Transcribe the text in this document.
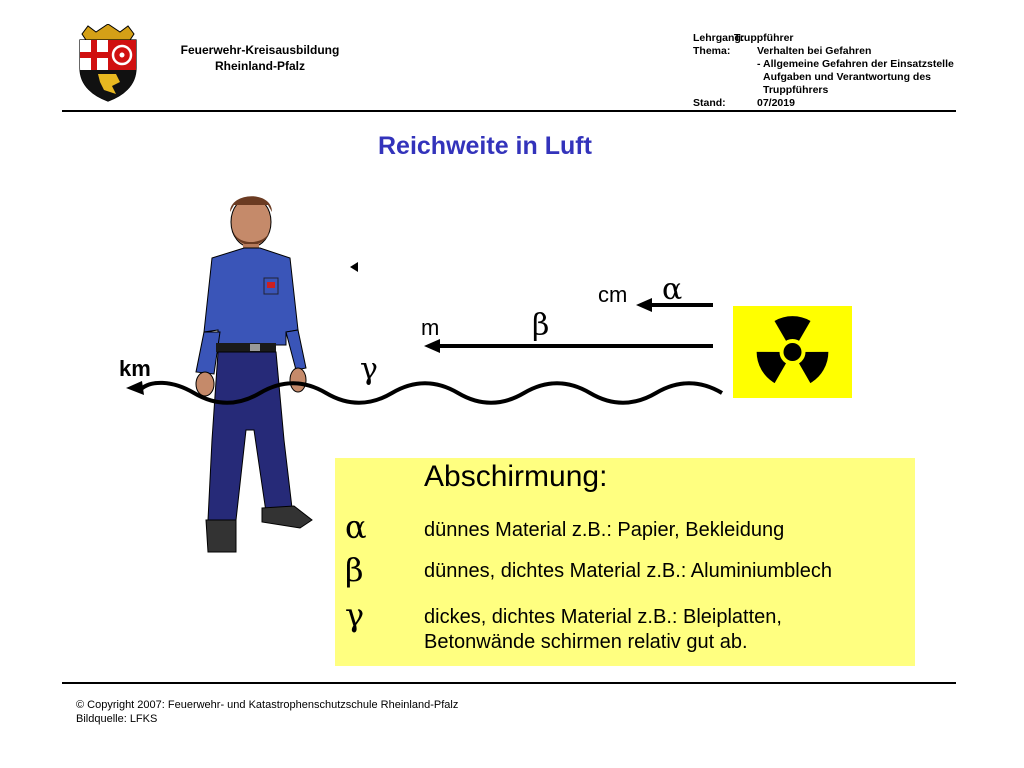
Feuerwehr-Kreisausbildung
Rheinland-Pfalz
Lehrgang:
Truppführer
Thema:	Verhalten bei Gefahren
- Allgemeine Gefahren der Einsatzstelle
Aufgaben und Verantwortung des
Truppführers
Stand:	07/2019
Reichweite in Luft
α
cm
β
m
γ
km
Abschirmung:
α	dünnes Material z.B.: Papier, Bekleidung
β	dünnes, dichtes Material z.B.: Aluminiumblech
γ	dickes, dichtes Material z.B.: Bleiplatten,
Betonwände schirmen relativ gut ab.
© Copyright 2007: Feuerwehr- und Katastrophenschutzschule Rheinland-Pfalz
Bildquelle: LFKS
